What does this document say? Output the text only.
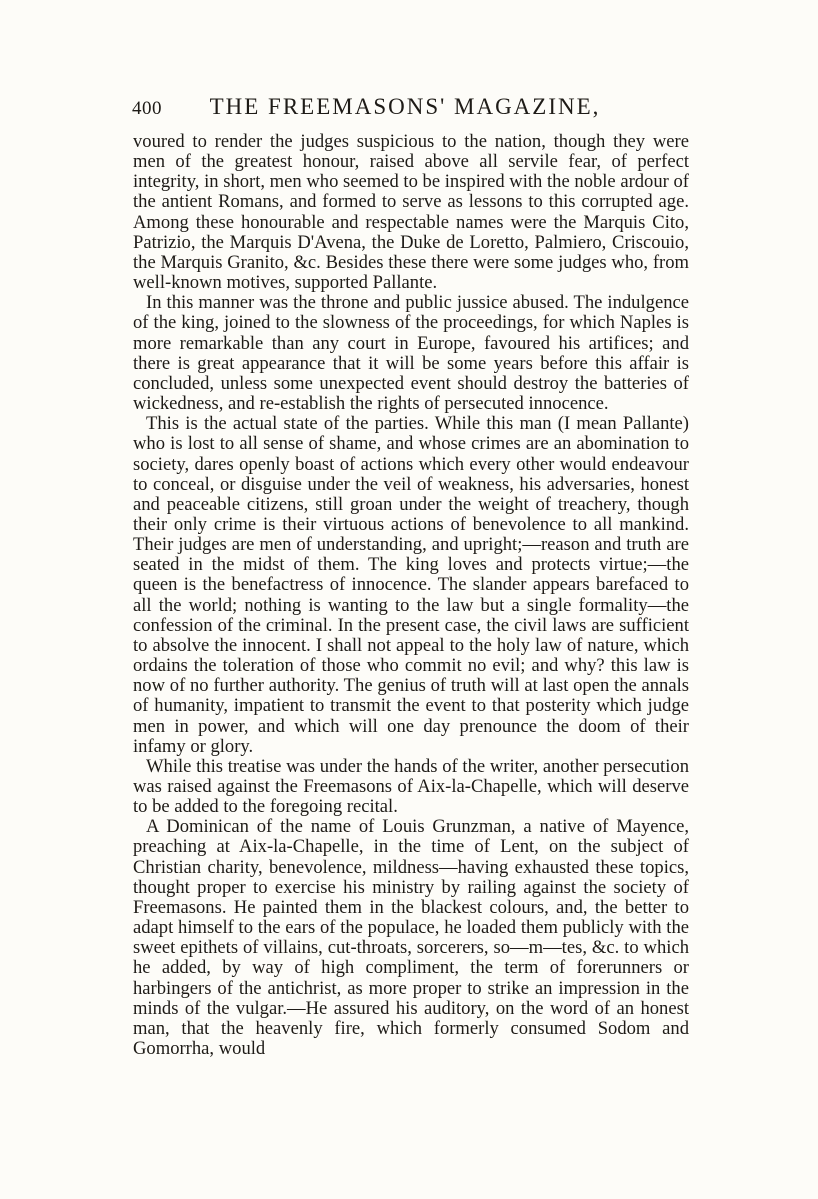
400	THE FREEMASONS' MAGAZINE,

voured to render the judges suspicious to the nation, though they were men of the greatest honour, raised above all servile fear, of perfect integrity, in short, men who seemed to be inspired with the noble ardour of the antient Romans, and formed to serve as lessons to this corrupted age. Among these honourable and respectable names were the Marquis Cito, Patrizio, the Marquis D'Avena, the Duke de Loretto, Palmiero, Criscouio, the Marquis Granito, &c. Besides these there were some judges who, from well-known motives, supported Pallante.

In this manner was the throne and public jussice abused. The indulgence of the king, joined to the slowness of the proceedings, for which Naples is more remarkable than any court in Europe, favoured his artifices; and there is great appearance that it will be some years before this affair is concluded, unless some unexpected event should destroy the batteries of wickedness, and re-establish the rights of persecuted innocence.

This is the actual state of the parties. While this man (I mean Pallante) who is lost to all sense of shame, and whose crimes are an abomination to society, dares openly boast of actions which every other would endeavour to conceal, or disguise under the veil of weakness, his adversaries, honest and peaceable citizens, still groan under the weight of treachery, though their only crime is their virtuous actions of benevolence to all mankind. Their judges are men of understanding, and upright;—reason and truth are seated in the midst of them. The king loves and protects virtue;—the queen is the benefactress of innocence. The slander appears barefaced to all the world; nothing is wanting to the law but a single formality—the confession of the criminal. In the present case, the civil laws are sufficient to absolve the innocent. I shall not appeal to the holy law of nature, which ordains the toleration of those who commit no evil; and why? this law is now of no further authority. The genius of truth will at last open the annals of humanity, impatient to transmit the event to that posterity which judge men in power, and which will one day prenounce the doom of their infamy or glory.

While this treatise was under the hands of the writer, another persecution was raised against the Freemasons of Aix-la-Chapelle, which will deserve to be added to the foregoing recital.

A Dominican of the name of Louis Grunzman, a native of Mayence, preaching at Aix-la-Chapelle, in the time of Lent, on the subject of Christian charity, benevolence, mildness—having exhausted these topics, thought proper to exercise his ministry by railing against the society of Freemasons. He painted them in the blackest colours, and, the better to adapt himself to the ears of the populace, he loaded them publicly with the sweet epithets of villains, cut-throats, sorcerers, so—m—tes, &c. to which he added, by way of high compliment, the term of forerunners or harbingers of the antichrist, as more proper to strike an impression in the minds of the vulgar.—He assured his auditory, on the word of an honest man, that the heavenly fire, which formerly consumed Sodom and Gomorrha, would
